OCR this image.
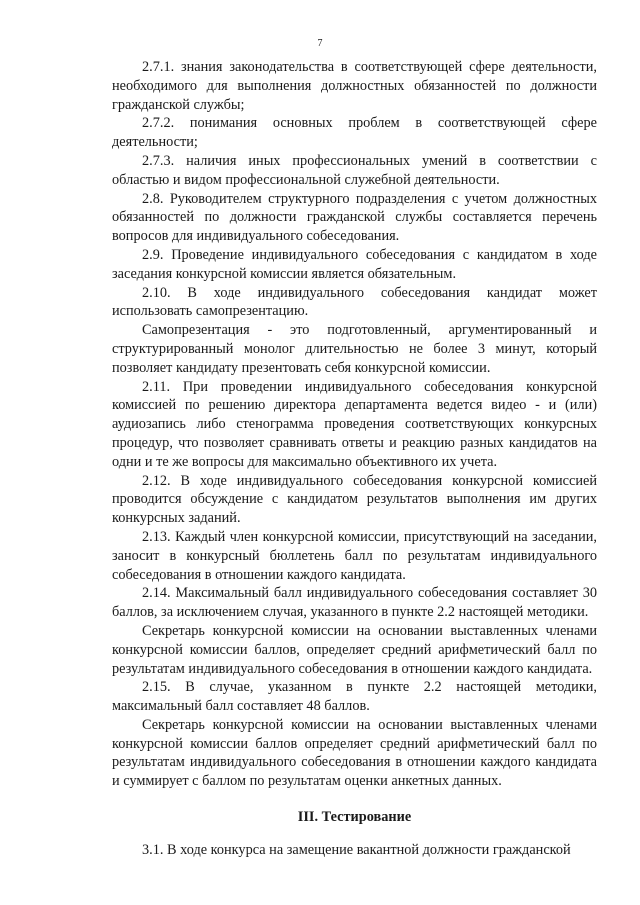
7

2.7.1. знания законодательства в соответствующей сфере деятельности, необходимого для выполнения должностных обязанностей по должности гражданской службы;

2.7.2. понимания основных проблем в соответствующей сфере деятельности;

2.7.3. наличия иных профессиональных умений в соответствии с областью и видом профессиональной служебной деятельности.

2.8. Руководителем структурного подразделения с учетом должностных обязанностей по должности гражданской службы составляется перечень вопросов для индивидуального собеседования.

2.9. Проведение индивидуального собеседования с кандидатом в ходе заседания конкурсной комиссии является обязательным.

2.10. В ходе индивидуального собеседования кандидат может использовать самопрезентацию.

Самопрезентация - это подготовленный, аргументированный и структурированный монолог длительностью не более 3 минут, который позволяет кандидату презентовать себя конкурсной комиссии.

2.11. При проведении индивидуального собеседования конкурсной комиссией по решению директора департамента ведется видео - и (или) аудиозапись либо стенограмма проведения соответствующих конкурсных процедур, что позволяет сравнивать ответы и реакцию разных кандидатов на одни и те же вопросы для максимально объективного их учета.

2.12. В ходе индивидуального собеседования конкурсной комиссией проводится обсуждение с кандидатом результатов выполнения им других конкурсных заданий.

2.13. Каждый член конкурсной комиссии, присутствующий на заседании, заносит в конкурсный бюллетень балл по результатам индивидуального собеседования в отношении каждого кандидата.

2.14. Максимальный балл индивидуального собеседования составляет 30 баллов, за исключением случая, указанного в пункте 2.2 настоящей методики.

Секретарь конкурсной комиссии на основании выставленных членами конкурсной комиссии баллов, определяет средний арифметический балл по результатам индивидуального собеседования в отношении каждого кандидата.

2.15. В случае, указанном в пункте 2.2 настоящей методики, максимальный балл составляет 48 баллов.

Секретарь конкурсной комиссии на основании выставленных членами конкурсной комиссии баллов определяет средний арифметический балл по результатам индивидуального собеседования в отношении каждого кандидата и суммирует с баллом по результатам оценки анкетных данных.

III. Тестирование

3.1. В ходе конкурса на замещение вакантной должности гражданской
